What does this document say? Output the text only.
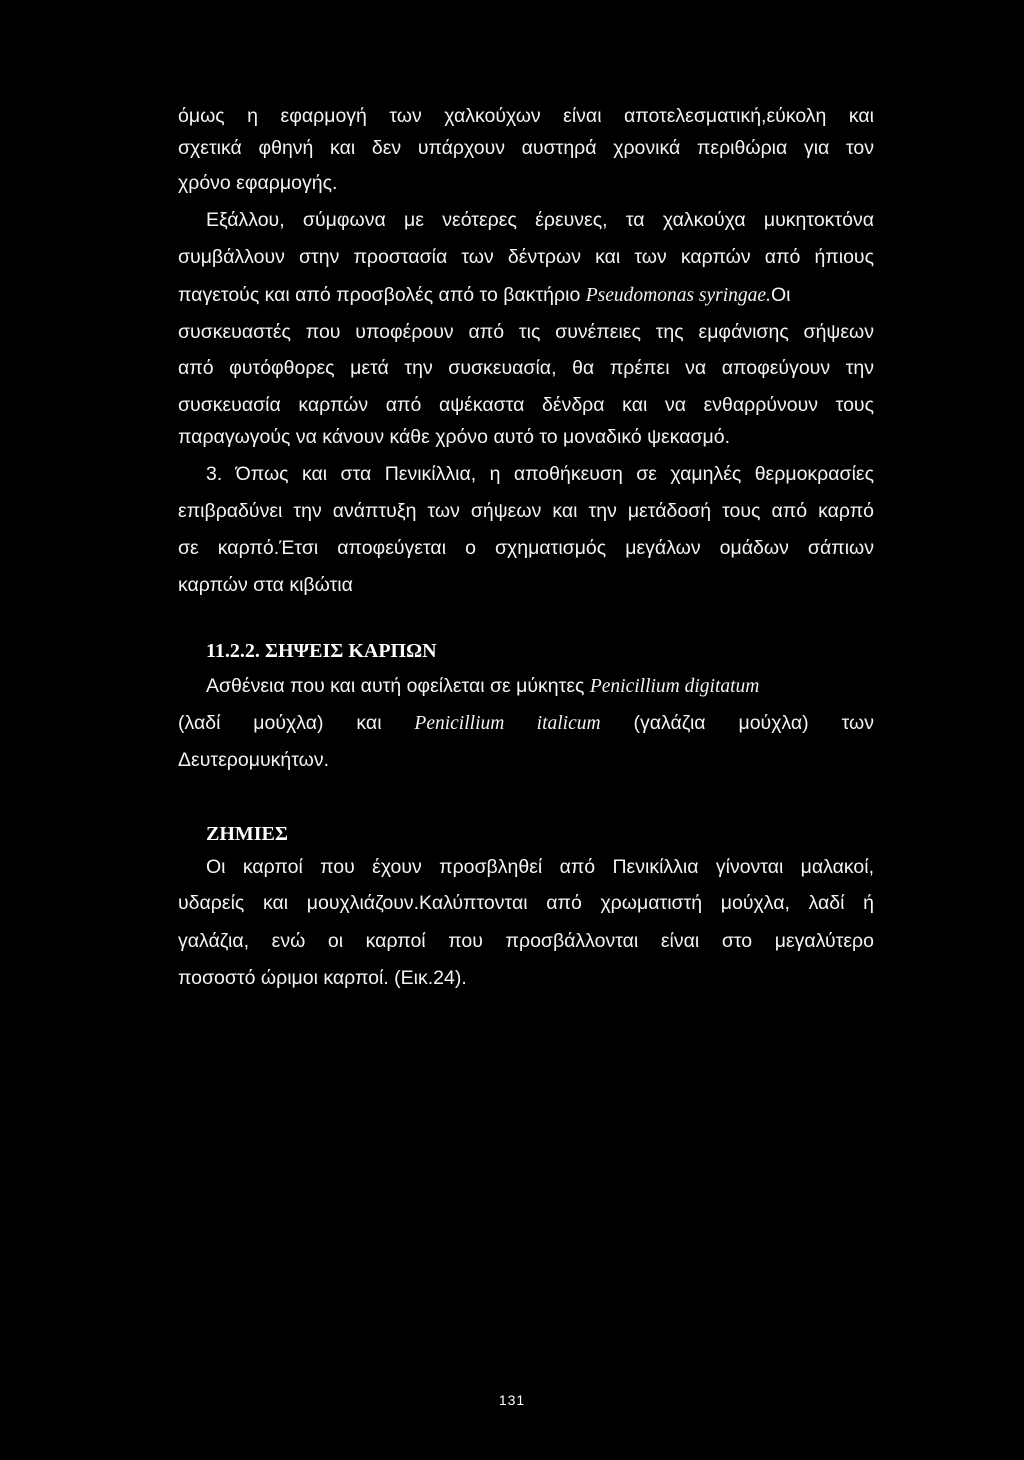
όμως η εφαρμογή των χαλκούχων είναι αποτελεσματική,εύκολη και
σχετικά φθηνή και δεν υπάρχουν αυστηρά χρονικά περιθώρια για τον
χρόνο εφαρμογής.
Εξάλλου, σύμφωνα με νεότερες έρευνες, τα χαλκούχα μυκητοκτόνα
συμβάλλουν στην προστασία των δέντρων και των καρπών από ήπιους
παγετούς και από προσβολές από το βακτήριο Pseudomonas syringae.Οι
συσκευαστές που υποφέρουν από τις συνέπειες της εμφάνισης σήψεων
από φυτόφθορες μετά την συσκευασία, θα πρέπει να αποφεύγουν την
συσκευασία καρπών από αψέκαστα δένδρα και να ενθαρρύνουν τους
παραγωγούς να κάνουν κάθε χρόνο αυτό το μοναδικό ψεκασμό.
3. Όπως και στα Πενικίλλια, η αποθήκευση σε χαμηλές θερμοκρασίες
επιβραδύνει την ανάπτυξη των σήψεων και την μετάδοσή τους από καρπό
σε καρπό.Έτσι αποφεύγεται ο σχηματισμός μεγάλων ομάδων σάπιων
καρπών στα κιβώτια
11.2.2. ΣΗΨΕΙΣ ΚΑΡΠΩΝ
Ασθένεια που και αυτή οφείλεται σε μύκητες Penicillium digitatum
(λαδί μούχλα) και Penicillium italicum (γαλάζια μούχλα) των
Δευτερομυκήτων.
ΖΗΜΙΕΣ
Οι καρποί που έχουν προσβληθεί από Πενικίλλια γίνονται μαλακοί,
υδαρείς και μουχλιάζουν.Καλύπτονται από χρωματιστή μούχλα, λαδί ή
γαλάζια, ενώ οι καρποί που προσβάλλονται είναι στο μεγαλύτερο
ποσοστό ώριμοι καρποί. (Εικ.24).
131
